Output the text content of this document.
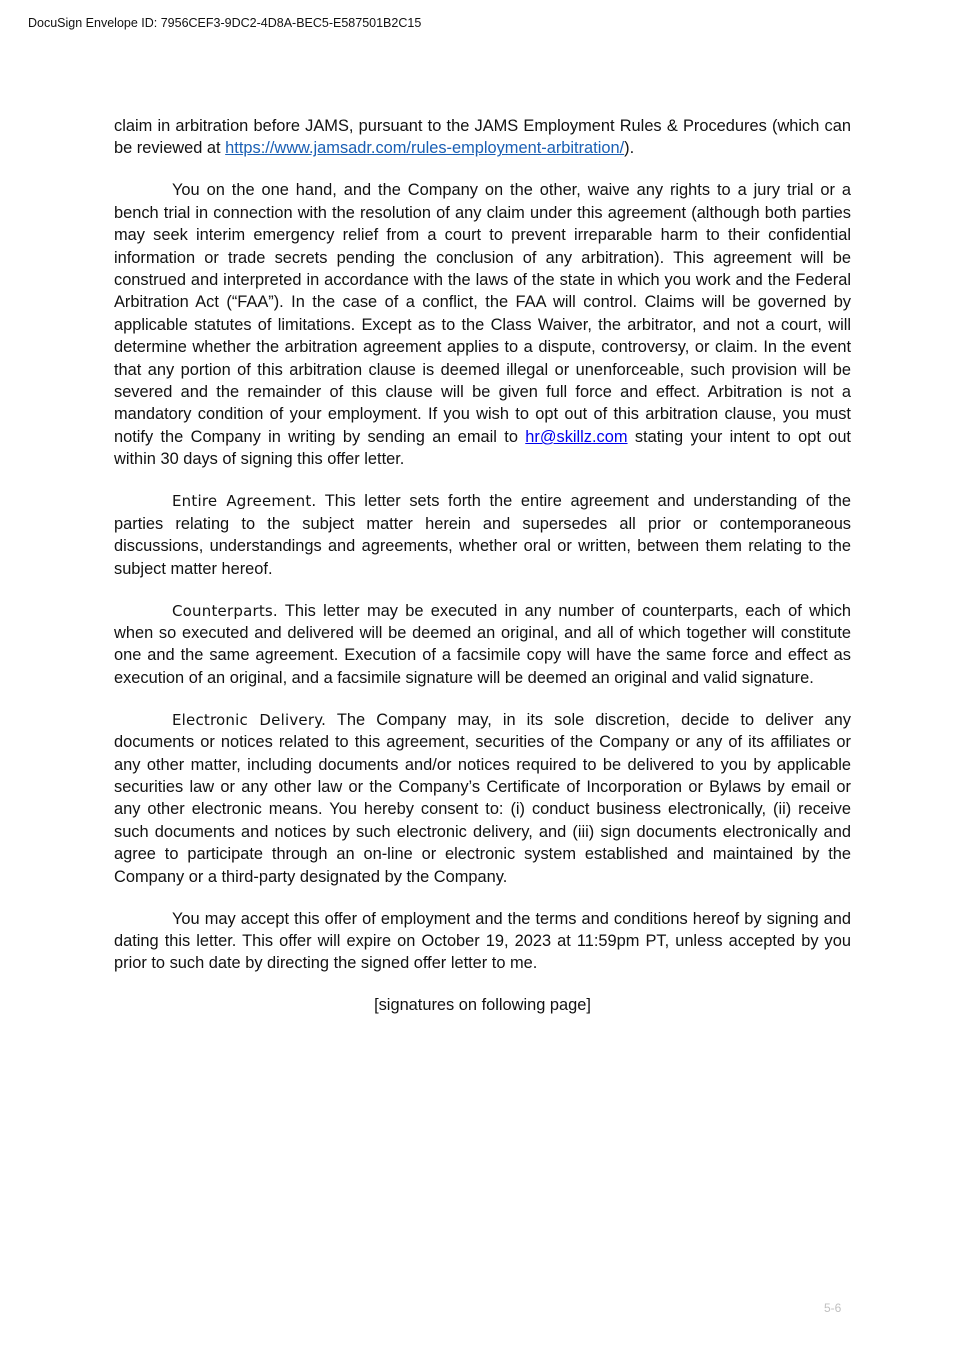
DocuSign Envelope ID: 7956CEF3-9DC2-4D8A-BEC5-E587501B2C15

claim in arbitration before JAMS, pursuant to the JAMS Employment Rules & Procedures (which can be reviewed at https://www.jamsadr.com/rules-employment-arbitration/).

You on the one hand, and the Company on the other, waive any rights to a jury trial or a bench trial in connection with the resolution of any claim under this agreement (although both parties may seek interim emergency relief from a court to prevent irreparable harm to their confidential information or trade secrets pending the conclusion of any arbitration). This agreement will be construed and interpreted in accordance with the laws of the state in which you work and the Federal Arbitration Act (“FAA”). In the case of a conflict, the FAA will control. Claims will be governed by applicable statutes of limitations. Except as to the Class Waiver, the arbitrator, and not a court, will determine whether the arbitration agreement applies to a dispute, controversy, or claim. In the event that any portion of this arbitration clause is deemed illegal or unenforceable, such provision will be severed and the remainder of this clause will be given full force and effect. Arbitration is not a mandatory condition of your employment. If you wish to opt out of this arbitration clause, you must notify the Company in writing by sending an email to hr@skillz.com stating your intent to opt out within 30 days of signing this offer letter.

Entire Agreement. This letter sets forth the entire agreement and understanding of the parties relating to the subject matter herein and supersedes all prior or contemporaneous discussions, understandings and agreements, whether oral or written, between them relating to the subject matter hereof.

Counterparts. This letter may be executed in any number of counterparts, each of which when so executed and delivered will be deemed an original, and all of which together will constitute one and the same agreement. Execution of a facsimile copy will have the same force and effect as execution of an original, and a facsimile signature will be deemed an original and valid signature.

Electronic Delivery. The Company may, in its sole discretion, decide to deliver any documents or notices related to this agreement, securities of the Company or any of its affiliates or any other matter, including documents and/or notices required to be delivered to you by applicable securities law or any other law or the Company’s Certificate of Incorporation or Bylaws by email or any other electronic means. You hereby consent to: (i) conduct business electronically, (ii) receive such documents and notices by such electronic delivery, and (iii) sign documents electronically and agree to participate through an on-line or electronic system established and maintained by the Company or a third-party designated by the Company.

You may accept this offer of employment and the terms and conditions hereof by signing and dating this letter. This offer will expire on October 19, 2023 at 11:59pm PT, unless accepted by you prior to such date by directing the signed offer letter to me.

[signatures on following page]

5-6
